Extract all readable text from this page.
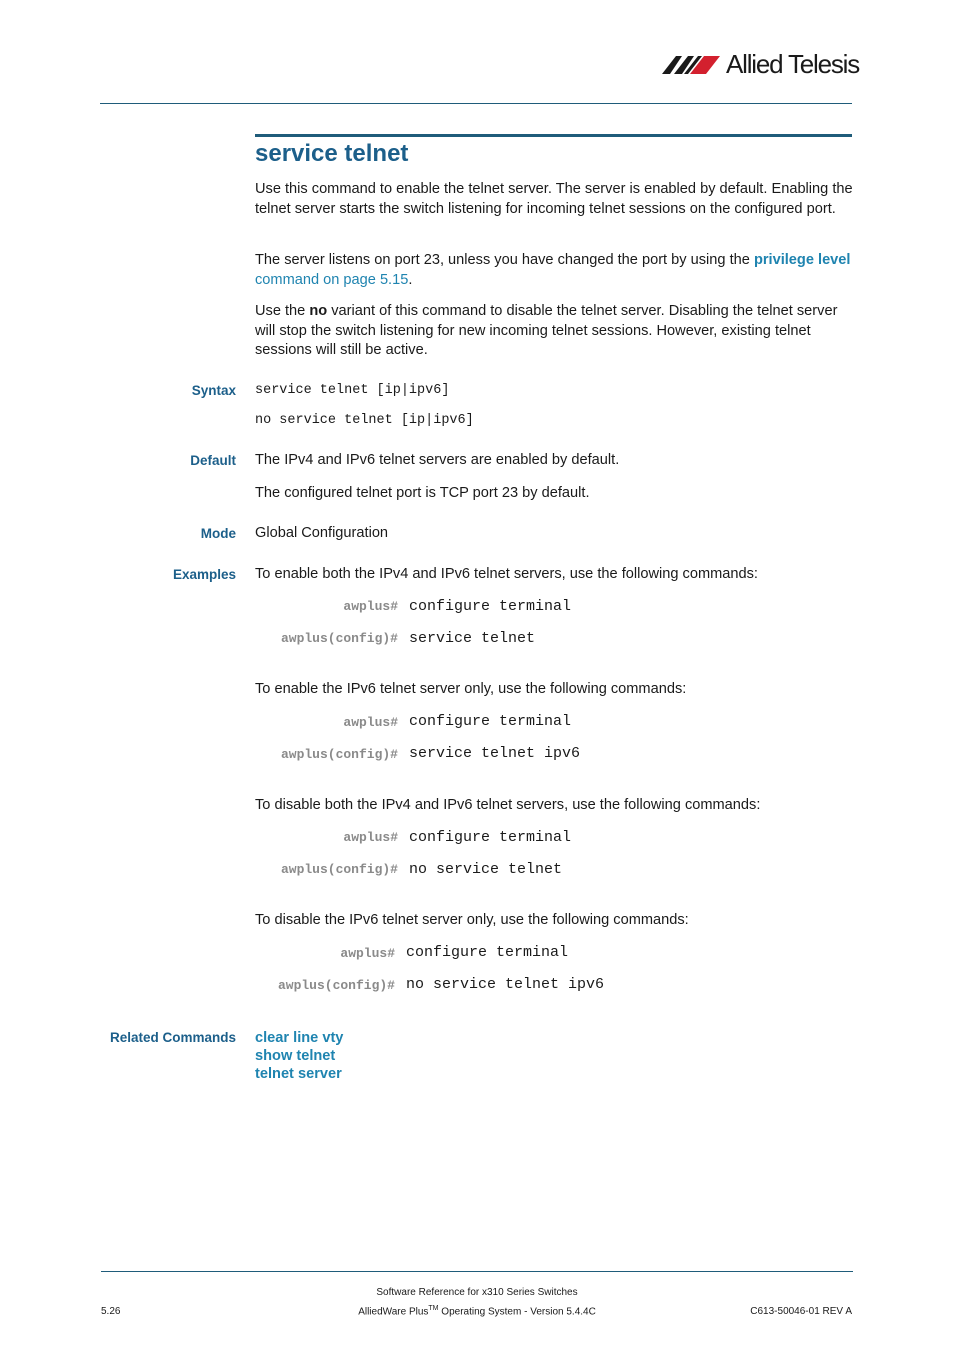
Allied Telesis
service telnet
Use this command to enable the telnet server. The server is enabled by default. Enabling the telnet server starts the switch listening for incoming telnet sessions on the configured port.
The server listens on port 23, unless you have changed the port by using the privilege level command on page 5.15.
Use the no variant of this command to disable the telnet server. Disabling the telnet server will stop the switch listening for new incoming telnet sessions. However, existing telnet sessions will still be active.
Syntax service telnet [ip|ipv6]
no service telnet [ip|ipv6]
Default The IPv4 and IPv6 telnet servers are enabled by default.
The configured telnet port is TCP port 23 by default.
Mode Global Configuration
Examples To enable both the IPv4 and IPv6 telnet servers, use the following commands:
awplus# configure terminal
awplus(config)# service telnet
To enable the IPv6 telnet server only, use the following commands:
awplus# configure terminal
awplus(config)# service telnet ipv6
To disable both the IPv4 and IPv6 telnet servers, use the following commands:
awplus# configure terminal
awplus(config)# no service telnet
To disable the IPv6 telnet server only, use the following commands:
awplus# configure terminal
awplus(config)# no service telnet ipv6
Related Commands clear line vty
show telnet
telnet server
Software Reference for x310 Series Switches
AlliedWare Plus™ Operating System - Version 5.4.4C
5.26	C613-50046-01 REV A
